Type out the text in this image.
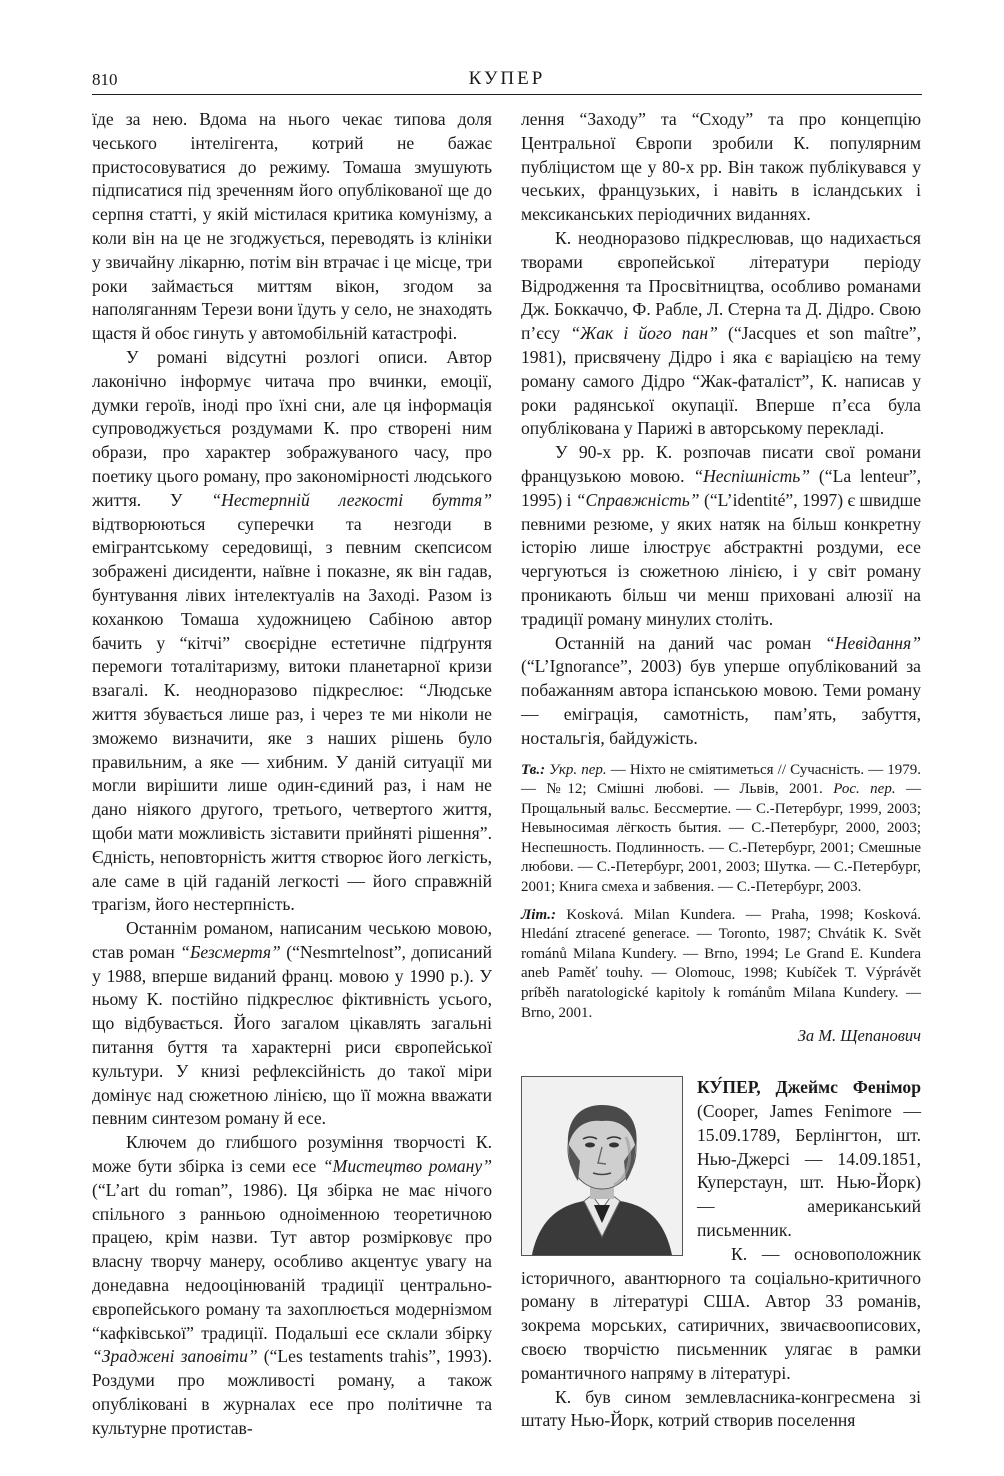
810	КУПЕР

їде за нею. Вдома на нього чекає типова доля чеського інтелігента, котрий не бажає пристосовуватися до режиму. Томаша змушують підписатися під зреченням його опублікованої ще до серпня статті, у якій містилася критика комунізму, а коли він на це не згоджується, переводять із клініки у звичайну лікарню, потім він втрачає і це місце, три роки займається миттям вікон, згодом за наполяганням Терези вони їдуть у село, не знаходять щастя й обоє гинуть у автомобільній катастрофі.

У романі відсутні розлогі описи. Автор лаконічно інформує читача про вчинки, емоції, думки героїв, іноді про їхні сни, але ця інформація супроводжується роздумами К. про створені ним образи, про характер зображуваного часу, про поетику цього роману, про закономірності людського життя. У “Нестерпній легкості буття” відтворюються суперечки та незгоди в емігрантському середовищі, з певним скепсисом зображені дисиденти, наївне і показне, як він гадав, бунтування лівих інтелектуалів на Заході. Разом із коханкою Томаша художницею Сабіною автор бачить у “кітчі” своєрідне естетичне підґрунтя перемоги тоталітаризму, витоки планетарної кризи взагалі. К. неодноразово підкреслює: “Людське життя збувається лише раз, і через те ми ніколи не зможемо визначити, яке з наших рішень було правильним, а яке — хибним. У даній ситуації ми могли вирішити лише один-єдиний раз, і нам не дано ніякого другого, третього, четвертого життя, щоби мати можливість зіставити прийняті рішення”. Єдність, неповторність життя створює його легкість, але саме в цій гаданій легкості — його справжній трагізм, його нестерпність.

Останнім романом, написаним чеською мовою, став роман “Безсмертя” (“Nesmrtelnost”, дописаний у 1988, вперше виданий франц. мовою у 1990 р.). У ньому К. постійно підкреслює фіктивність усього, що відбувається. Його загалом цікавлять загальні питання буття та характерні риси європейської культури. У книзі рефлексійність до такої міри домінує над сюжетною лінією, що її можна вважати певним синтезом роману й есе.

Ключем до глибшого розуміння творчості К. може бути збірка із семи есе “Мистецтво роману” (“L’art du roman”, 1986). Ця збірка не має нічого спільного з ранньою одноіменною теоретичною працею, крім назви. Тут автор розмірковує про власну творчу манеру, особливо акцентує увагу на донедавна недооцінюваній традиції центрально-європейського роману та захоплюється модернізмом “кафківської” традиції. Подальші есе склали збірку “Зраджені заповіти” (“Les testaments trahis”, 1993). Роздуми про можливості роману, а також опубліковані в журналах есе про політичне та культурне протистав-

лення “Заходу” та “Сходу” та про концепцію Центральної Європи зробили К. популярним публіцистом ще у 80-х рр. Він також публікувався у чеських, французьких, і навіть в ісландських і мексиканських періодичних виданнях.

К. неодноразово підкреслював, що надихається творами європейської літератури періоду Відродження та Просвітництва, особливо романами Дж. Боккаччо, Ф. Рабле, Л. Стерна та Д. Дідро. Свою п’єсу “Жак і його пан” (“Jacques et son maître”, 1981), присвячену Дідро і яка є варіацією на тему роману самого Дідро “Жак-фаталіст”, К. написав у роки радянської окупації. Вперше п’єса була опублікована у Парижі в авторському перекладі.

У 90-х рр. К. розпочав писати свої романи французькою мовою. “Неспішність” (“La lenteur”, 1995) і “Справжність” (“L’identité”, 1997) є швидше певними резюме, у яких натяк на більш конкретну історію лише ілюструє абстрактні роздуми, есе чергуються із сюжетною лінією, і у світ роману проникають більш чи менш приховані алюзії на традиції роману минулих століть.

Останній на даний час роман “Невідання” (“L’Ignorance”, 2003) був уперше опублікований за побажанням автора іспанською мовою. Теми роману — еміграція, самотність, пам’ять, забуття, ностальгія, байдужість.

Тв.: Укр. пер. — Ніхто не сміятиметься // Сучасність. — 1979. — №12; Смішні любові. — Львів, 2001. Рос. пер. — Прощальный вальс. Бессмертие. — С.-Петербург, 1999, 2003; Невыносимая лёгкость бытия. — С.-Петербург, 2000, 2003; Неспешность. Подлинность. — С.-Петербург, 2001; Смешные любови. — С.-Петербург, 2001, 2003; Шутка. — С.-Петербург, 2001; Книга смеха и забвения. — С.-Петербург, 2003.

Літ.: Kosková. Milan Kundera. — Praha, 1998; Kosková. Hledání ztracené generace. — Toronto, 1987; Chvátik K. Svět románů Milana Kundery. — Brno, 1994; Le Grand E. Kundera aneb Paměť touhy. — Olomouc, 1998; Kubíček T. Výprávět príběh naratologické kapitoly k románům Milana Kundery. — Brno, 2001.

За М. Щепанович

КУ́ПЕР, Джеймс Фенімор (Cooper, James Fenimore — 15.09.1789, Берлінгтон, шт. Нью-Джерсі — 14.09.1851, Куперстаун, шт. Нью-Йорк) — американський письменник.

К. — основоположник історичного, авантюрного та соціально-критичного роману в літературі США. Автор 33 романів, зокрема морських, сатиричних, звичаєвоописових, своєю творчістю письменник улягає в рамки романтичного напряму в літературі.

К. був сином землевласника-конгресмена зі штату Нью-Йорк, котрий створив поселення
